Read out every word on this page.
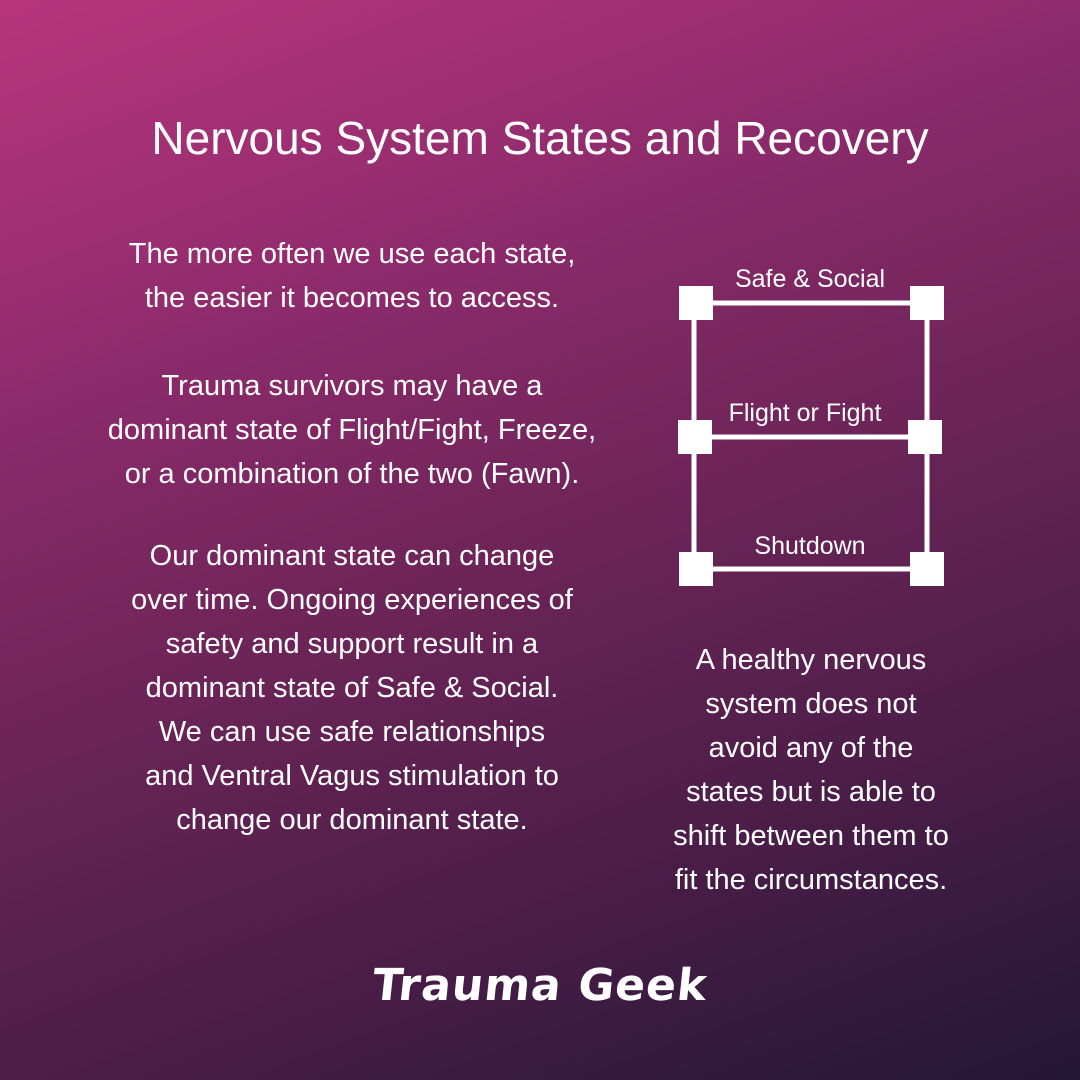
Nervous System States and Recovery
The more often we use each state,
the easier it becomes to access.
Trauma survivors may have a
dominant state of Flight/Fight, Freeze,
or a combination of the two (Fawn).
Our dominant state can change
over time. Ongoing experiences of
safety and support result in a
dominant state of Safe & Social.
We can use safe relationships
and Ventral Vagus stimulation to
change our dominant state.
Safe & Social
Flight or Fight
Shutdown
A healthy nervous
system does not
avoid any of the
states but is able to
shift between them to
fit the circumstances.
Trauma Geek
